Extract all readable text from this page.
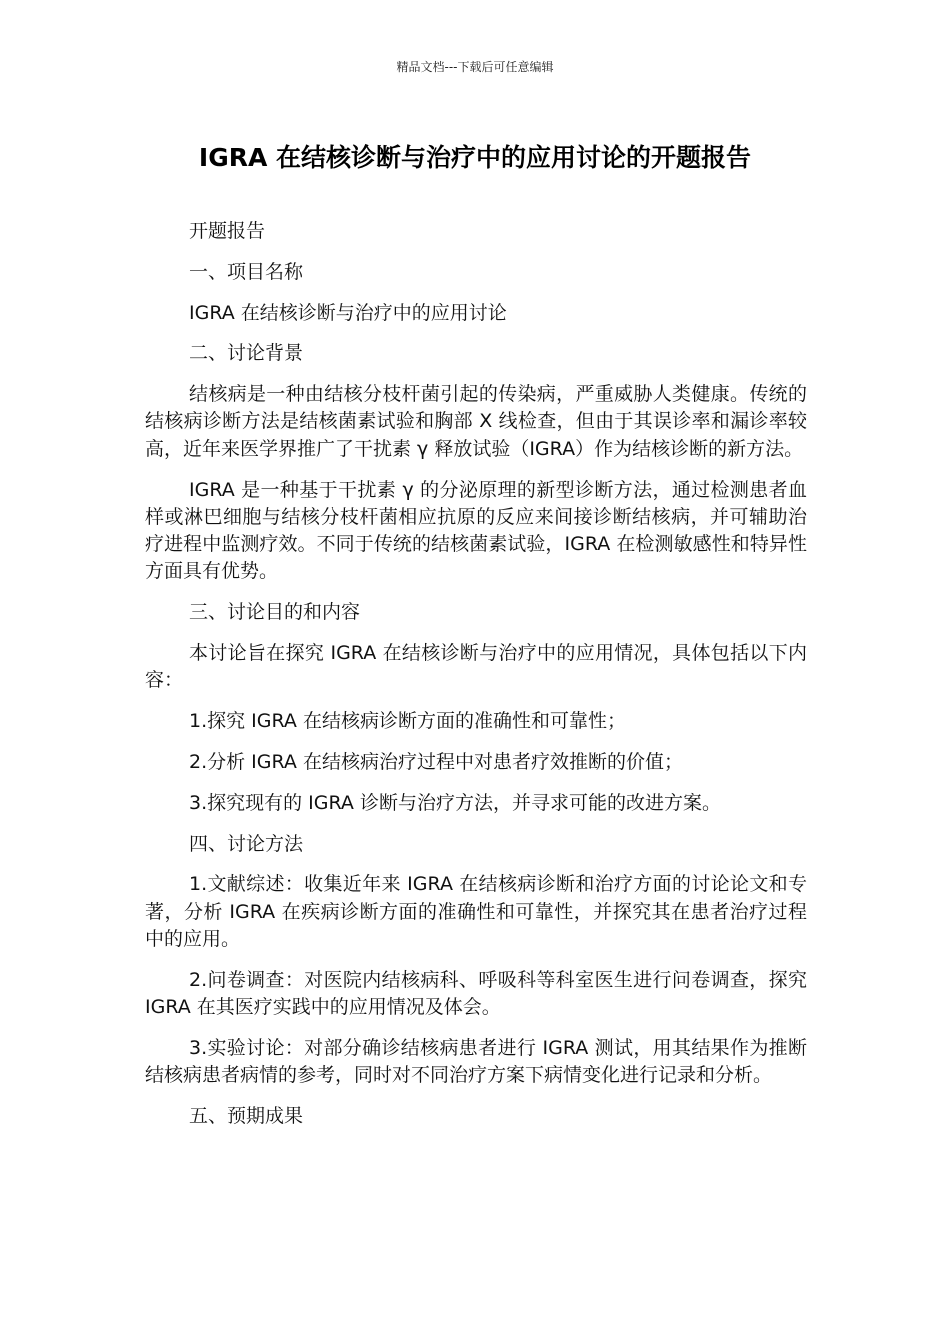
精品文档---下载后可任意编辑
IGRA 在结核诊断与治疗中的应用讨论的开题报告

开题报告

一、项目名称

IGRA 在结核诊断与治疗中的应用讨论

二、讨论背景

结核病是一种由结核分枝杆菌引起的传染病，严重威胁人类健康。传统的结核病诊断方法是结核菌素试验和胸部 X 线检查，但由于其误诊率和漏诊率较高，近年来医学界推广了干扰素 γ 释放试验（IGRA）作为结核诊断的新方法。

IGRA 是一种基于干扰素 γ 的分泌原理的新型诊断方法，通过检测患者血样或淋巴细胞与结核分枝杆菌相应抗原的反应来间接诊断结核病，并可辅助治疗进程中监测疗效。不同于传统的结核菌素试验，IGRA 在检测敏感性和特异性方面具有优势。

三、讨论目的和内容

本讨论旨在探究 IGRA 在结核诊断与治疗中的应用情况，具体包括以下内容：

1.探究 IGRA 在结核病诊断方面的准确性和可靠性；

2.分析 IGRA 在结核病治疗过程中对患者疗效推断的价值；

3.探究现有的 IGRA 诊断与治疗方法，并寻求可能的改进方案。

四、讨论方法

1.文献综述：收集近年来 IGRA 在结核病诊断和治疗方面的讨论论文和专著，分析 IGRA 在疾病诊断方面的准确性和可靠性，并探究其在患者治疗过程中的应用。

2.问卷调查：对医院内结核病科、呼吸科等科室医生进行问卷调查，探究 IGRA 在其医疗实践中的应用情况及体会。

3.实验讨论：对部分确诊结核病患者进行 IGRA 测试，用其结果作为推断结核病患者病情的参考，同时对不同治疗方案下病情变化进行记录和分析。

五、预期成果
